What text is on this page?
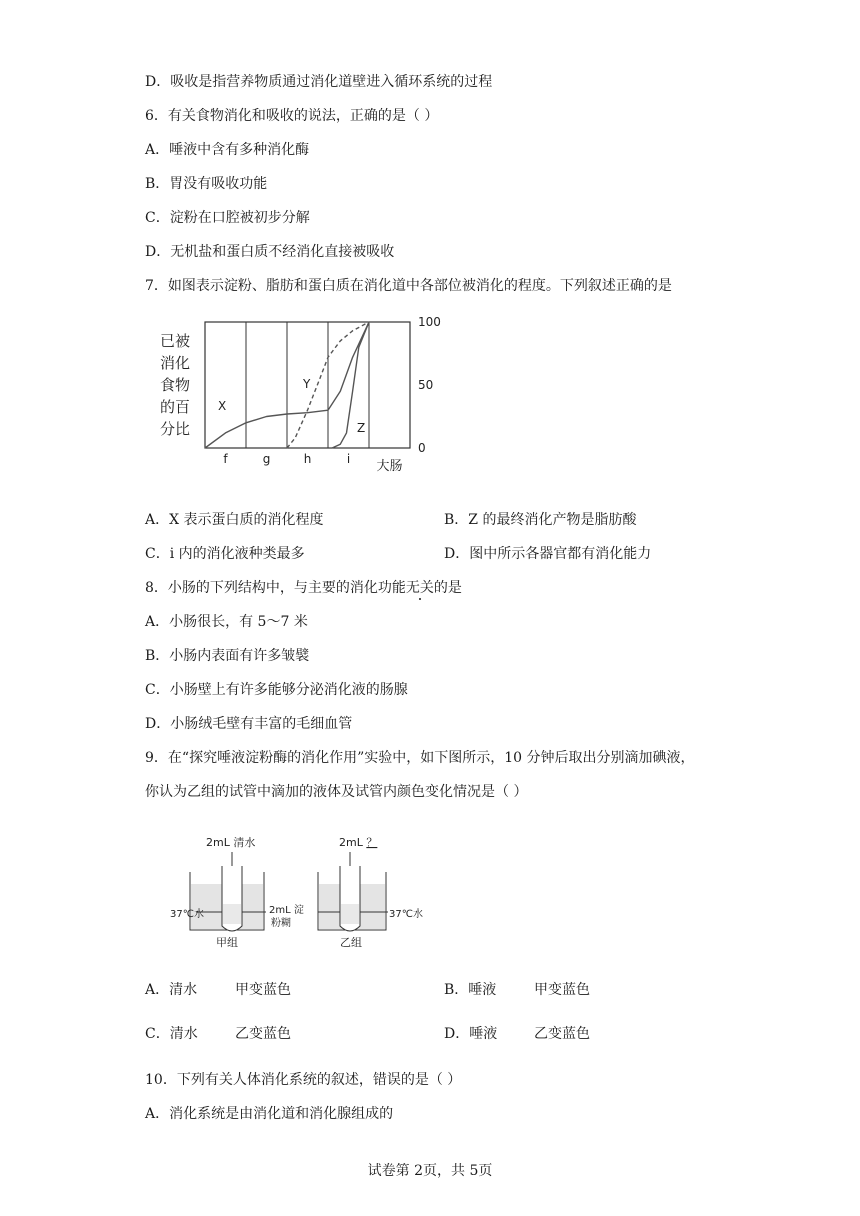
D．吸收是指营养物质通过消化道壁进入循环系统的过程
6．有关食物消化和吸收的说法，正确的是（ ）
A．唾液中含有多种消化酶
B．胃没有吸收功能
C．淀粉在口腔被初步分解
D．无机盐和蛋白质不经消化直接被吸收
7．如图表示淀粉、脂肪和蛋白质在消化道中各部位被消化的程度。下列叙述正确的是
已被
消化
食物
的百
分比
100
50
0
f	g	h	i 大肠
X
Y
Z
A．X 表示蛋白质的消化程度	B．Z 的最终消化产物是脂肪酸
C．i 内的消化液种类最多	D．图中所示各器官都有消化能力
8．小肠的下列结构中，与主要的消化功能无关的是
A．小肠很长，有 5～7 米
B．小肠内表面有许多皱襞
C．小肠壁上有许多能够分泌消化液的肠腺
D．小肠绒毛壁有丰富的毛细血管
9．在“探究唾液淀粉酶的消化作用”实验中，如下图所示，10 分钟后取出分别滴加碘液，
你认为乙组的试管中滴加的液体及试管内颜色变化情况是（ ）
2mL 清水	2mL ？
37℃水	37℃水
2mL 淀
粉糊
甲组	乙组
A．清水	甲变蓝色	B．唾液	甲变蓝色
C．清水	乙变蓝色	D．唾液	乙变蓝色
10．下列有关人体消化系统的叙述，错误的是（ ）
A．消化系统是由消化道和消化腺组成的
试卷第 2页，共 5页
